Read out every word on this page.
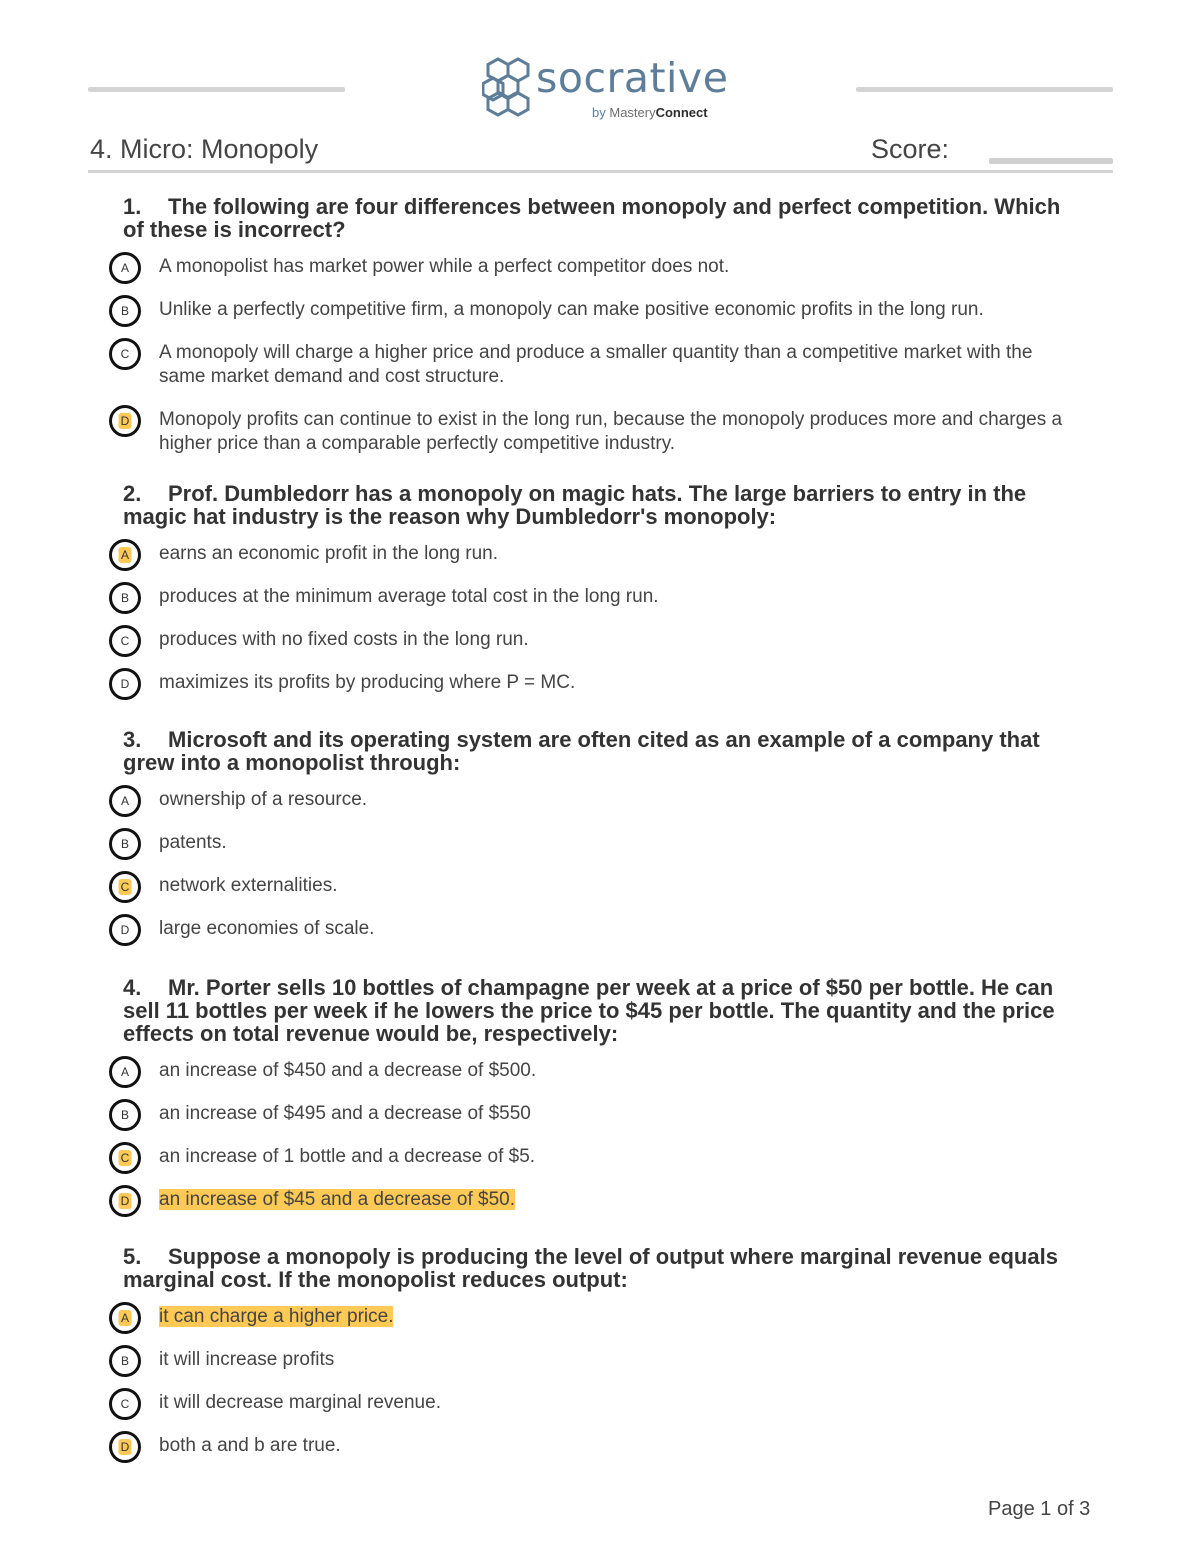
socrative
by MasteryConnect
4. Micro: Monopoly	Score:

1. The following are four differences between monopoly and perfect competition. Which of these is incorrect?

A	A monopolist has market power while a perfect competitor does not.
B	Unlike a perfectly competitive firm, a monopoly can make positive economic profits in the long run.
C	A monopoly will charge a higher price and produce a smaller quantity than a competitive market with the same market demand and cost structure.
D Monopoly profits can continue to exist in the long run, because the monopoly produces more and charges a higher price than a comparable perfectly competitive industry.

2. Prof. Dumbledorr has a monopoly on magic hats. The large barriers to entry in the magic hat industry is the reason why Dumbledorr's monopoly:

A earns an economic profit in the long run.
B	produces at the minimum average total cost in the long run.
C	produces with no fixed costs in the long run.
D	maximizes its profits by producing where P = MC.

3. Microsoft and its operating system are often cited as an example of a company that grew into a monopolist through:

A	ownership of a resource.
B	patents.
C network externalities.
D	large economies of scale.

4. Mr. Porter sells 10 bottles of champagne per week at a price of $50 per bottle. He can sell 11 bottles per week if he lowers the price to $45 per bottle. The quantity and the price effects on total revenue would be, respectively:

A	an increase of $450 and a decrease of $500.
B	an increase of $495 and a decrease of $550
C an increase of 1 bottle and a decrease of $5.
D an increase of $45 and a decrease of $50.

5. Suppose a monopoly is producing the level of output where marginal revenue equals marginal cost. If the monopolist reduces output:

A it can charge a higher price.
B	it will increase profits
C	it will decrease marginal revenue.
D both a and b are true.
Page 1 of 3
